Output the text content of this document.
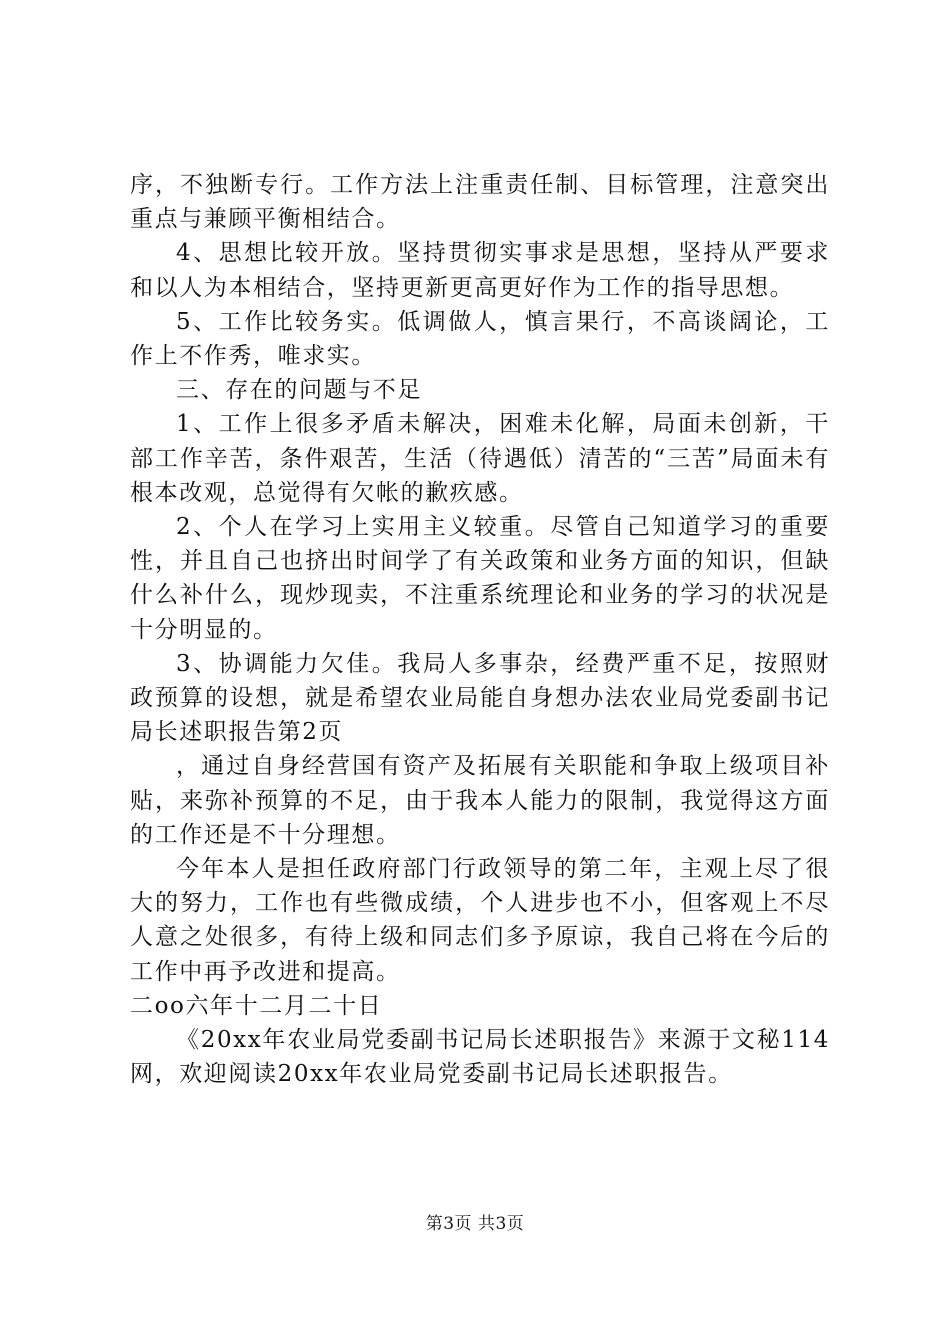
序，不独断专行。工作方法上注重责任制、目标管理，注意突出重点与兼顾平衡相结合。

4、思想比较开放。坚持贯彻实事求是思想，坚持从严要求和以人为本相结合，坚持更新更高更好作为工作的指导思想。

5、工作比较务实。低调做人，慎言果行，不高谈阔论，工作上不作秀，唯求实。

三、存在的问题与不足

1、工作上很多矛盾未解决，困难未化解，局面未创新，干部工作辛苦，条件艰苦，生活（待遇低）清苦的“三苦”局面未有根本改观，总觉得有欠帐的歉疚感。

2、个人在学习上实用主义较重。尽管自己知道学习的重要性，并且自己也挤出时间学了有关政策和业务方面的知识，但缺什么补什么，现炒现卖，不注重系统理论和业务的学习的状况是十分明显的。

3、协调能力欠佳。我局人多事杂，经费严重不足，按照财政预算的设想，就是希望农业局能自身想办法农业局党委副书记局长述职报告第2页

，通过自身经营国有资产及拓展有关职能和争取上级项目补贴，来弥补预算的不足，由于我本人能力的限制，我觉得这方面的工作还是不十分理想。

今年本人是担任政府部门行政领导的第二年，主观上尽了很大的努力，工作也有些微成绩，个人进步也不小，但客观上不尽人意之处很多，有待上级和同志们多予原谅，我自己将在今后的工作中再予改进和提高。

二oo六年十二月二十日

《20xx年农业局党委副书记局长述职报告》来源于文秘114网，欢迎阅读20xx年农业局党委副书记局长述职报告。

第3页 共3页
